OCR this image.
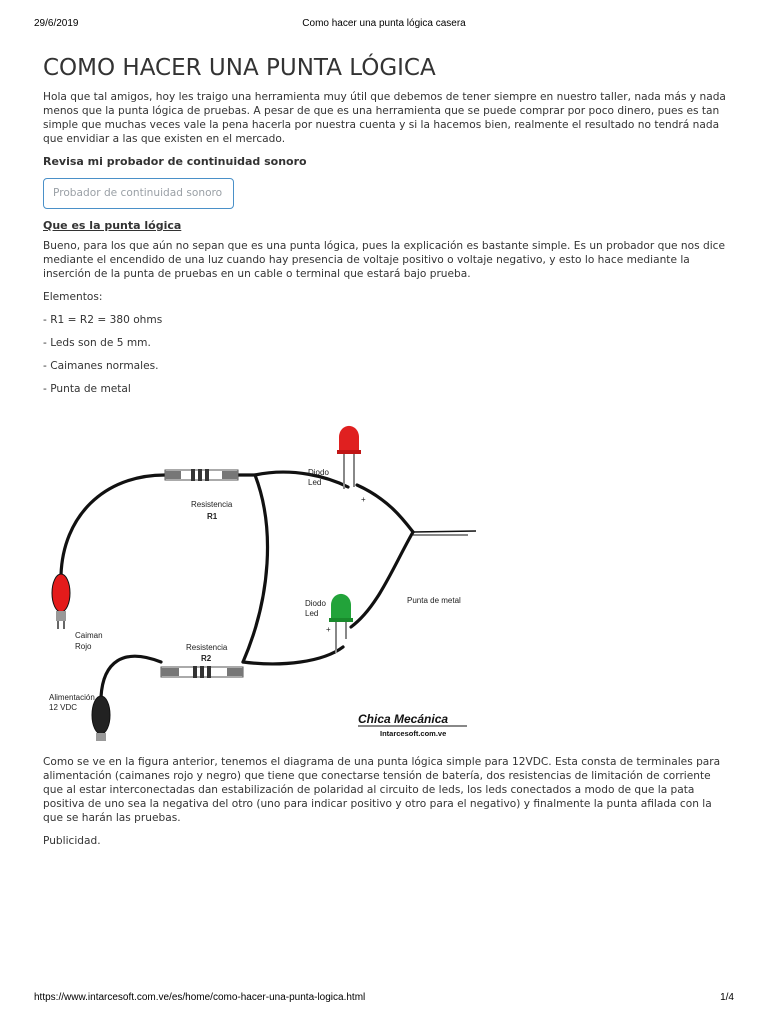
29/6/2019	Como hacer una punta lógica casera
COMO HACER UNA PUNTA LÓGICA

Hola que tal amigos, hoy les traigo una herramienta muy útil que debemos de tener siempre en nuestro taller, nada más y nada menos que la punta lógica de pruebas. A pesar de que es una herramienta que se puede comprar por poco dinero, pues es tan simple que muchas veces vale la pena hacerla por nuestra cuenta y si la hacemos bien, realmente el resultado no tendrá nada que envidiar a las que existen en el mercado.

Revisa mi probador de continuidad sonoro
Probador de continuidad sonoro
Que es la punta lógica

Bueno, para los que aún no sepan que es una punta lógica, pues la explicación es bastante simple. Es un probador que nos dice mediante el encendido de una luz cuando hay presencia de voltaje positivo o voltaje negativo, y esto lo hace mediante la inserción de la punta de pruebas en un cable o terminal que estará bajo prueba.

Elementos:

- R1 = R2 = 380 ohms

- Leds son de 5 mm.

- Caimanes normales.

- Punta de metal

Diodo
Led
+
Resistencia
R1
Diodo
Led
+
Punta de metal
Caiman
Rojo	Resistencia
R2
Alimentación
12 VDC
Chica Mecánica
Intarcesoft.com.ve

Como se ve en la figura anterior, tenemos el diagrama de una punta lógica simple para 12VDC. Esta consta de terminales para alimentación (caimanes rojo y negro) que tiene que conectarse tensión de batería, dos resistencias de limitación de corriente que al estar interconectadas dan estabilización de polaridad al circuito de leds, los leds conectados a modo de que la pata positiva de uno sea la negativa del otro (uno para indicar positivo y otro para el negativo) y finalmente la punta afilada con la que se harán las pruebas.

Publicidad.

https://www.intarcesoft.com.ve/es/home/como-hacer-una-punta-logica.html	1/4
